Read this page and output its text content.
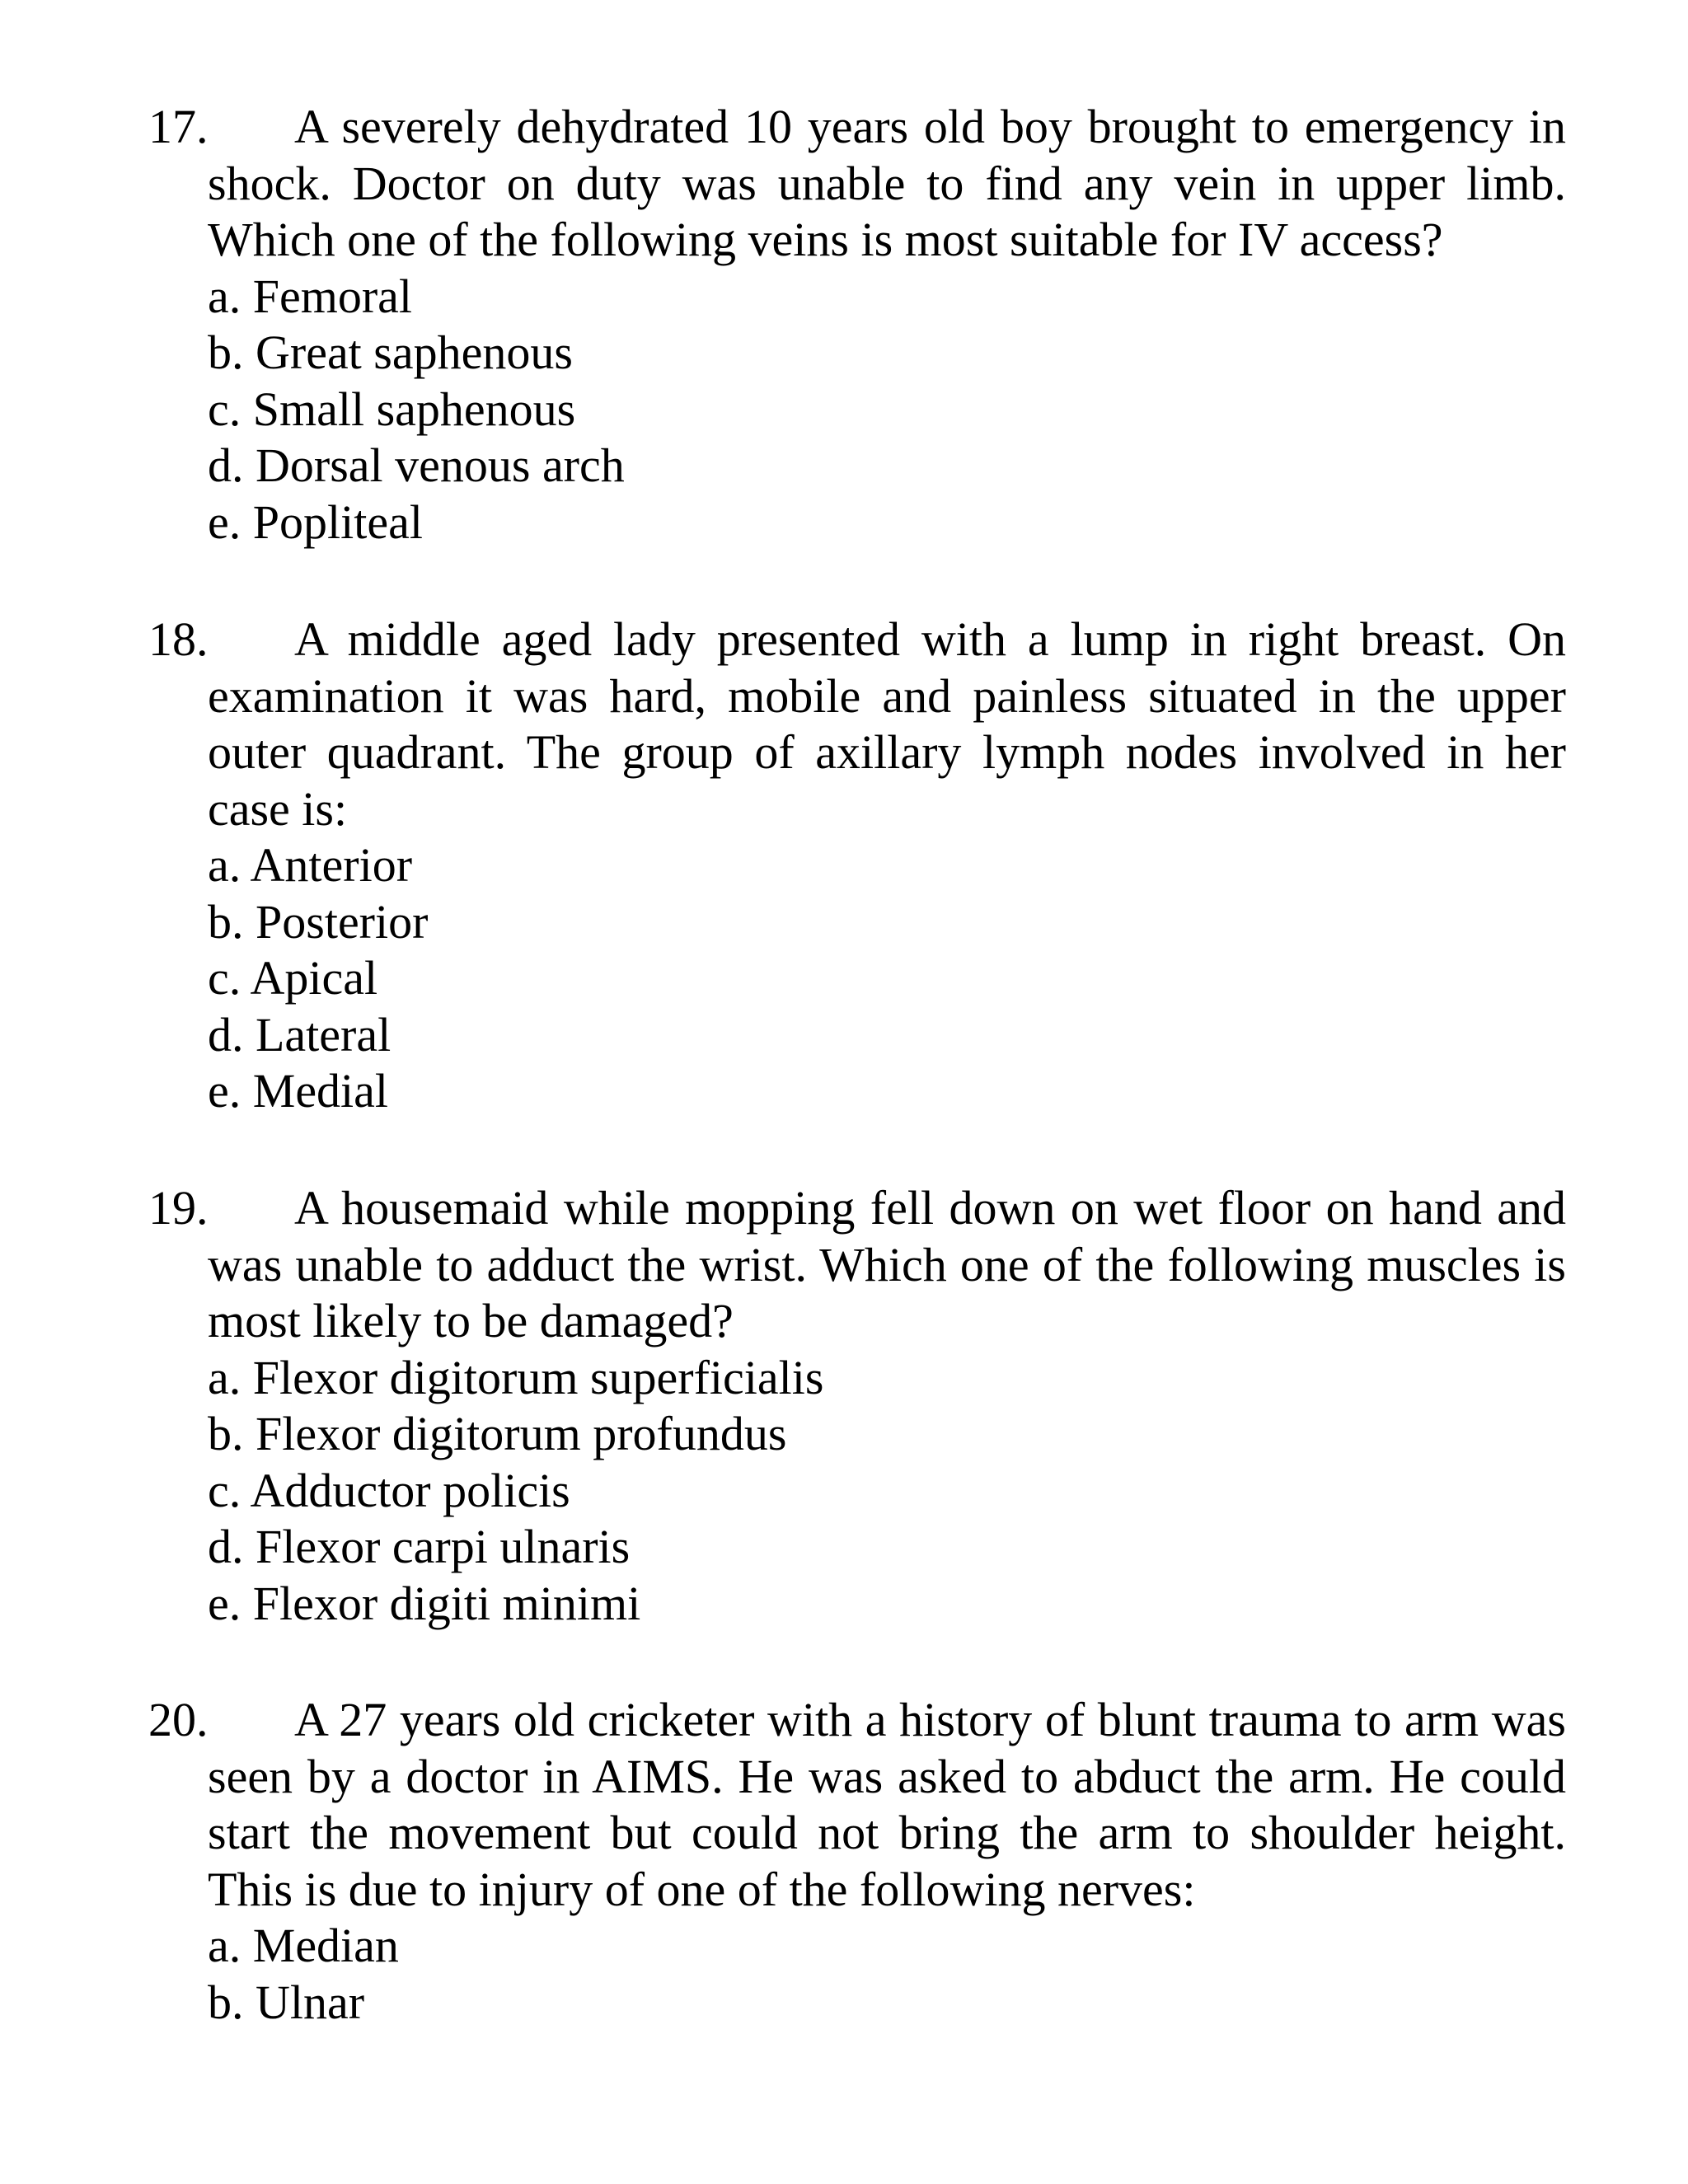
17. A severely dehydrated 10 years old boy brought to emergency in shock. Doctor on duty was unable to find any vein in upper limb. Which one of the following veins is most suitable for IV access?

a. Femoral
b. Great saphenous
c. Small saphenous
d. Dorsal venous arch
e. Popliteal

18. A middle aged lady presented with a lump in right breast. On examination it was hard, mobile and painless situated in the upper outer quadrant. The group of axillary lymph nodes involved in her case is:

a. Anterior
b. Posterior
c. Apical
d. Lateral
e. Medial

19. A housemaid while mopping fell down on wet floor on hand and was unable to adduct the wrist. Which one of the following muscles is most likely to be damaged?

a. Flexor digitorum superficialis
b. Flexor digitorum profundus
c. Adductor policis
d. Flexor carpi ulnaris
e. Flexor digiti minimi

20. A 27 years old cricketer with a history of blunt trauma to arm was seen by a doctor in AIMS. He was asked to abduct the arm. He could start the movement but could not bring the arm to shoulder height. This is due to injury of one of the following nerves:

a. Median
b. Ulnar
